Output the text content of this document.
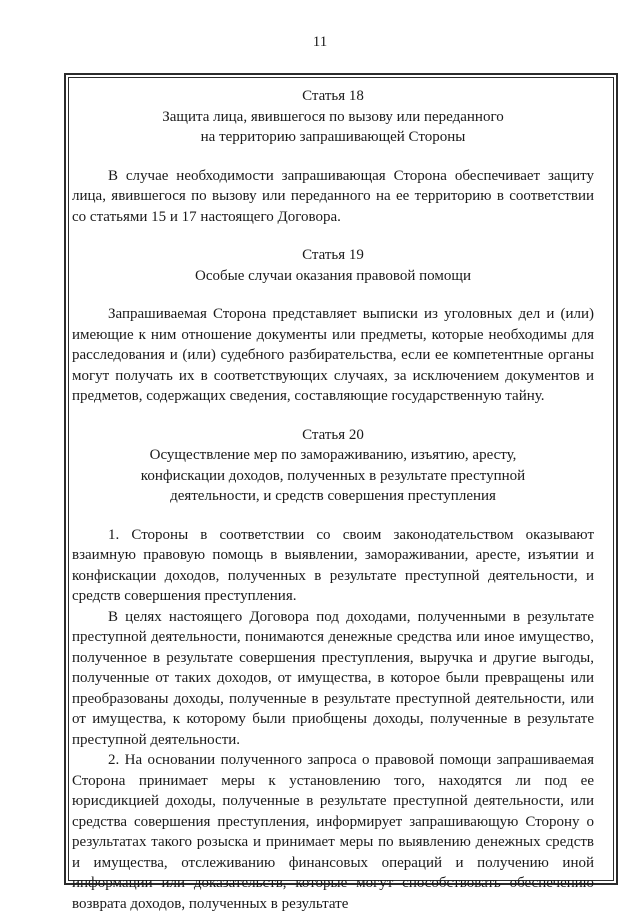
11
Статья 18
Защита лица, явившегося по вызову или переданного
на территорию запрашивающей Стороны

В случае необходимости запрашивающая Сторона обеспечивает защиту лица, явившегося по вызову или переданного на ее территорию в соответствии со статьями 15 и 17 настоящего Договора.

Статья 19
Особые случаи оказания правовой помощи

Запрашиваемая Сторона представляет выписки из уголовных дел и (или) имеющие к ним отношение документы или предметы, которые необходимы для расследования и (или) судебного разбирательства, если ее компетентные органы могут получать их в соответствующих случаях, за исключением документов и предметов, содержащих сведения, составляющие государственную тайну.

Статья 20
Осуществление мер по замораживанию, изъятию, аресту,
конфискации доходов, полученных в результате преступной
деятельности, и средств совершения преступления

1. Стороны в соответствии со своим законодательством оказывают взаимную правовую помощь в выявлении, замораживании, аресте, изъятии и конфискации доходов, полученных в результате преступной деятельности, и средств совершения преступления.

В целях настоящего Договора под доходами, полученными в результате преступной деятельности, понимаются денежные средства или иное имущество, полученное в результате совершения преступления, выручка и другие выгоды, полученные от таких доходов, от имущества, в которое были превращены или преобразованы доходы, полученные в результате преступной деятельности, или от имущества, к которому были приобщены доходы, полученные в результате преступной деятельности.

2. На основании полученного запроса о правовой помощи запрашиваемая Сторона принимает меры к установлению того, находятся ли под ее юрисдикцией доходы, полученные в результате преступной деятельности, или средства совершения преступления, информирует запрашивающую Сторону о результатах такого розыска и принимает меры по выявлению денежных средств и имущества, отслеживанию финансовых операций и получению иной информации или доказательств, которые могут способствовать обеспечению возврата доходов, полученных в результате
